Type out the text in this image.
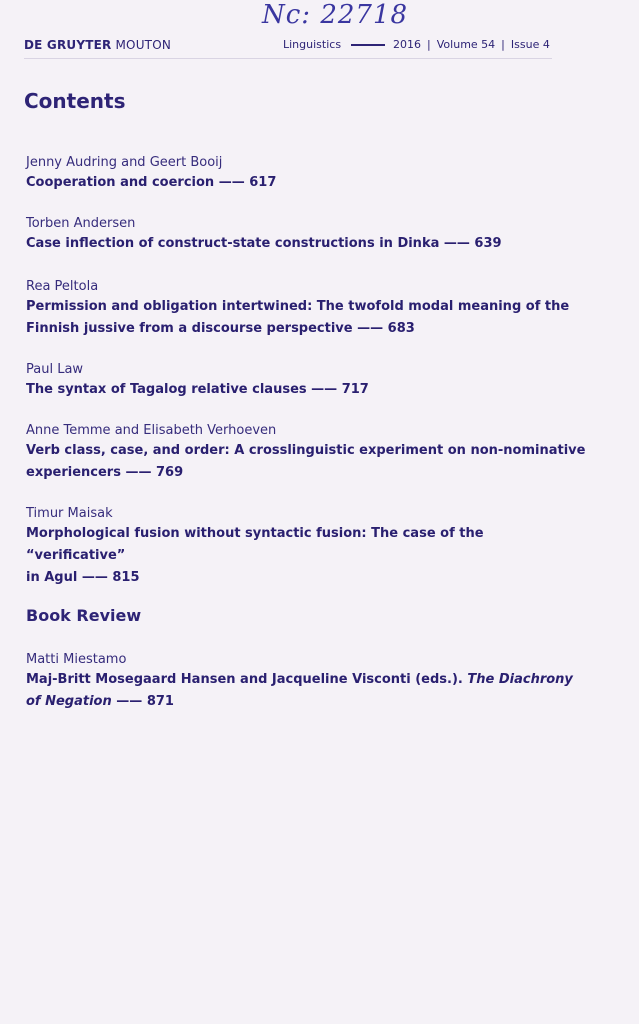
Nc: 22718
DE GRUYTER MOUTON	Linguistics	2016 | Volume 54 | Issue 4
Contents
Jenny Audring and Geert Booij
Cooperation and coercion —— 617
Torben Andersen
Case inflection of construct-state constructions in Dinka —— 639
Rea Peltola
Permission and obligation intertwined: The twofold modal meaning of the
Finnish jussive from a discourse perspective —— 683
Paul Law
The syntax of Tagalog relative clauses —— 717
Anne Temme and Elisabeth Verhoeven
Verb class, case, and order: A crosslinguistic experiment on non-nominative
experiencers —— 769
Timur Maisak
Morphological fusion without syntactic fusion: The case of the “verificative”
in Agul —— 815
Book Review
Matti Miestamo
Maj-Britt Mosegaard Hansen and Jacqueline Visconti (eds.). The Diachrony
of Negation —— 871
